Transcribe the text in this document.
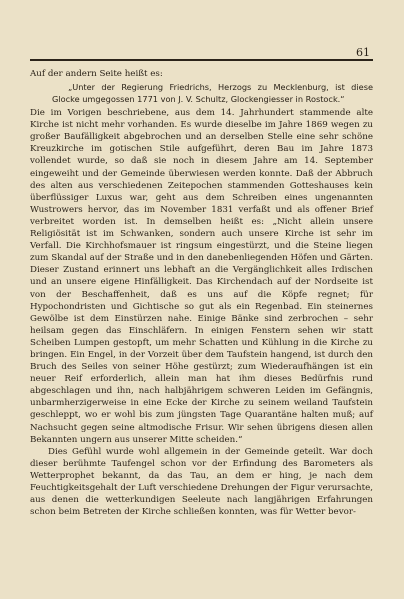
61

Auf der andern Seite heißt es:

„Unter der Regierung Friedrichs, Herzogs zu Mecklenburg, ist diese Glocke umgegossen 1771 von J. V. Schultz, Glockengiesser in Rostock.“

Die im Vorigen beschriebene, aus dem 14. Jahrhundert stammende alte Kirche ist nicht mehr vorhanden. Es wurde dieselbe im Jahre 1869 wegen zu großer Baufälligkeit abgebrochen und an derselben Stelle eine sehr schöne Kreuzkirche im gotischen Stile aufgeführt, deren Bau im Jahre 1873 vollendet wurde, so daß sie noch in diesem Jahre am 14. September eingeweiht und der Gemeinde überwiesen werden konnte. Daß der Abbruch des alten aus verschiedenen Zeitepochen stammenden Gotteshauses kein überflüssiger Luxus war, geht aus dem Schreiben eines ungenannten Wustrowers hervor, das im November 1831 verfaßt und als offener Brief verbreitet worden ist. In demselben heißt es: „Nicht allein unsere Religiösität ist im Schwanken, sondern auch unsere Kirche ist sehr im Verfall. Die Kirchhofsmauer ist ringsum eingestürzt, und die Steine liegen zum Skandal auf der Straße und in den danebenliegenden Höfen und Gärten. Dieser Zustand erinnert uns lebhaft an die Vergänglichkeit alles Irdischen und an unsere eigene Hinfälligkeit. Das Kirchendach auf der Nordseite ist von der Beschaffenheit, daß es uns auf die Köpfe regnet; für Hypochondristen und Gichtische so gut als ein Regenbad. Ein steinernes Gewölbe ist dem Einstürzen nahe. Einige Bänke sind zerbrochen – sehr heilsam gegen das Einschläfern. In einigen Fenstern sehen wir statt Scheiben Lumpen gestopft, um mehr Schatten und Kühlung in die Kirche zu bringen. Ein Engel, in der Vorzeit über dem Taufstein hangend, ist durch den Bruch des Seiles von seiner Höhe gestürzt; zum Wiederaufhängen ist ein neuer Reif erforderlich, allein man hat ihm dieses Bedürfnis rund abgeschlagen und ihn, nach halbjährigem schweren Leiden im Gefängnis, unbarmherzigerweise in eine Ecke der Kirche zu seinem weiland Taufstein geschleppt, wo er wohl bis zum jüngsten Tage Quarantäne halten muß; auf Nachsucht gegen seine altmodische Frisur. Wir sehen übrigens diesen allen Bekannten ungern aus unserer Mitte scheiden.“

Dies Gefühl wurde wohl allgemein in der Gemeinde geteilt. War doch dieser berühmte Taufengel schon vor der Erfindung des Barometers als Wetterprophet bekannt, da das Tau, an dem er hing, je nach dem Feuchtigkeitsgehalt der Luft verschiedene Drehungen der Figur verursachte, aus denen die wetterkundigen Seeleute nach langjährigen Erfahrungen schon beim Betreten der Kirche schließen konnten, was für Wetter bevor-
